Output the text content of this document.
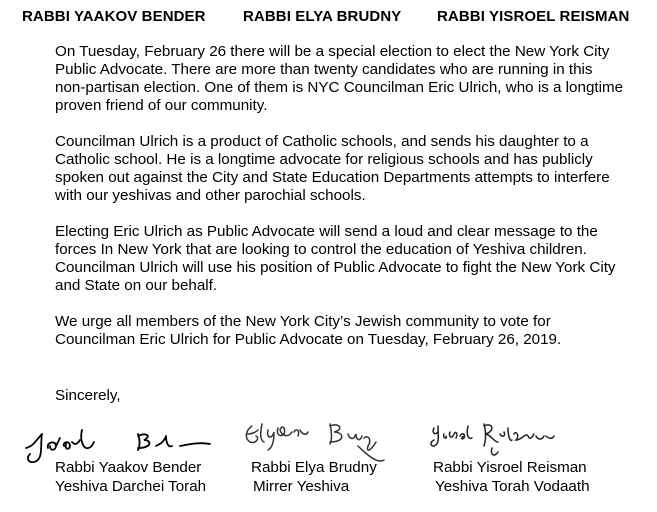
RABBI YAAKOV BENDER RABBI ELYA BRUDNY RABBI YISROEL REISMAN

On Tuesday, February 26 there will be a special election to elect the New York City Public Advocate. There are more than twenty candidates who are running in this non-partisan election. One of them is NYC Councilman Eric Ulrich, who is a longtime proven friend of our community.

Councilman Ulrich is a product of Catholic schools, and sends his daughter to a Catholic school. He is a longtime advocate for religious schools and has publicly spoken out against the City and State Education Departments attempts to interfere with our yeshivas and other parochial schools.

Electing Eric Ulrich as Public Advocate will send a loud and clear message to the forces In New York that are looking to control the education of Yeshiva children. Councilman Ulrich will use his position of Public Advocate to fight the New York City and State on our behalf.

We urge all members of the New York City’s Jewish community to vote for Councilman Eric Ulrich for Public Advocate on Tuesday, February 26, 2019.

Sincerely,
Rabbi Yaakov Bender
Yeshiva Darchei Torah
Rabbi Elya Brudny
Mirrer Yeshiva
Rabbi Yisroel Reisman
Yeshiva Torah Vodaath
